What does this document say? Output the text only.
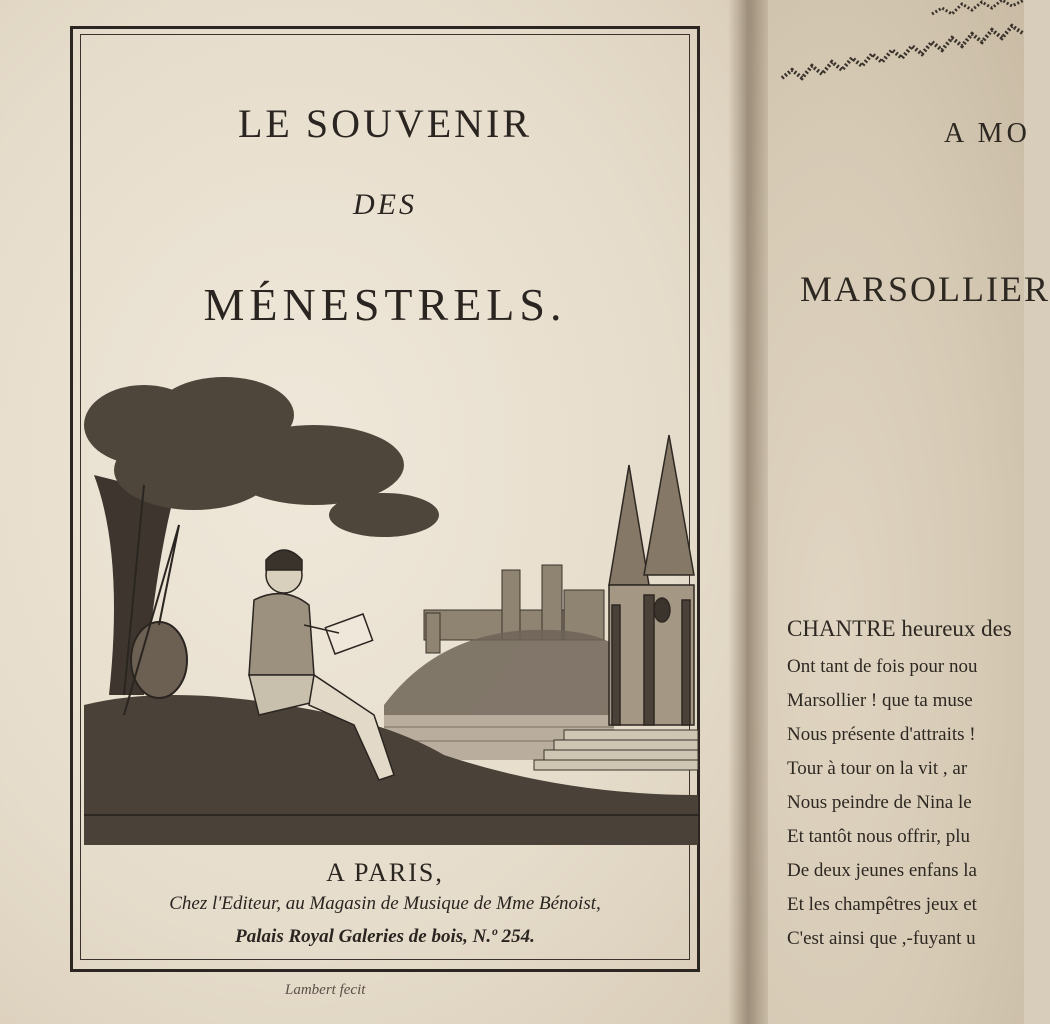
LE SOUVENIR
DES
MÉNESTRELS.
A PARIS,
Chez l'Editeur, au Magasin de Musique de Mme Bénoist,
Palais Royal Galeries de bois, N.º 254.
Lambert fecit
A MO
MARSOLLIER
CHANTRE heureux des
Ont tant de fois pour nou
Marsollier ! que ta muse
Nous présente d'attraits !
Tour à tour on la vit , ar
Nous peindre de Nina le
Et tantôt nous offrir, plu
De deux jeunes enfans la
Et les champêtres jeux et
C'est ainsi que ,-fuyant u
